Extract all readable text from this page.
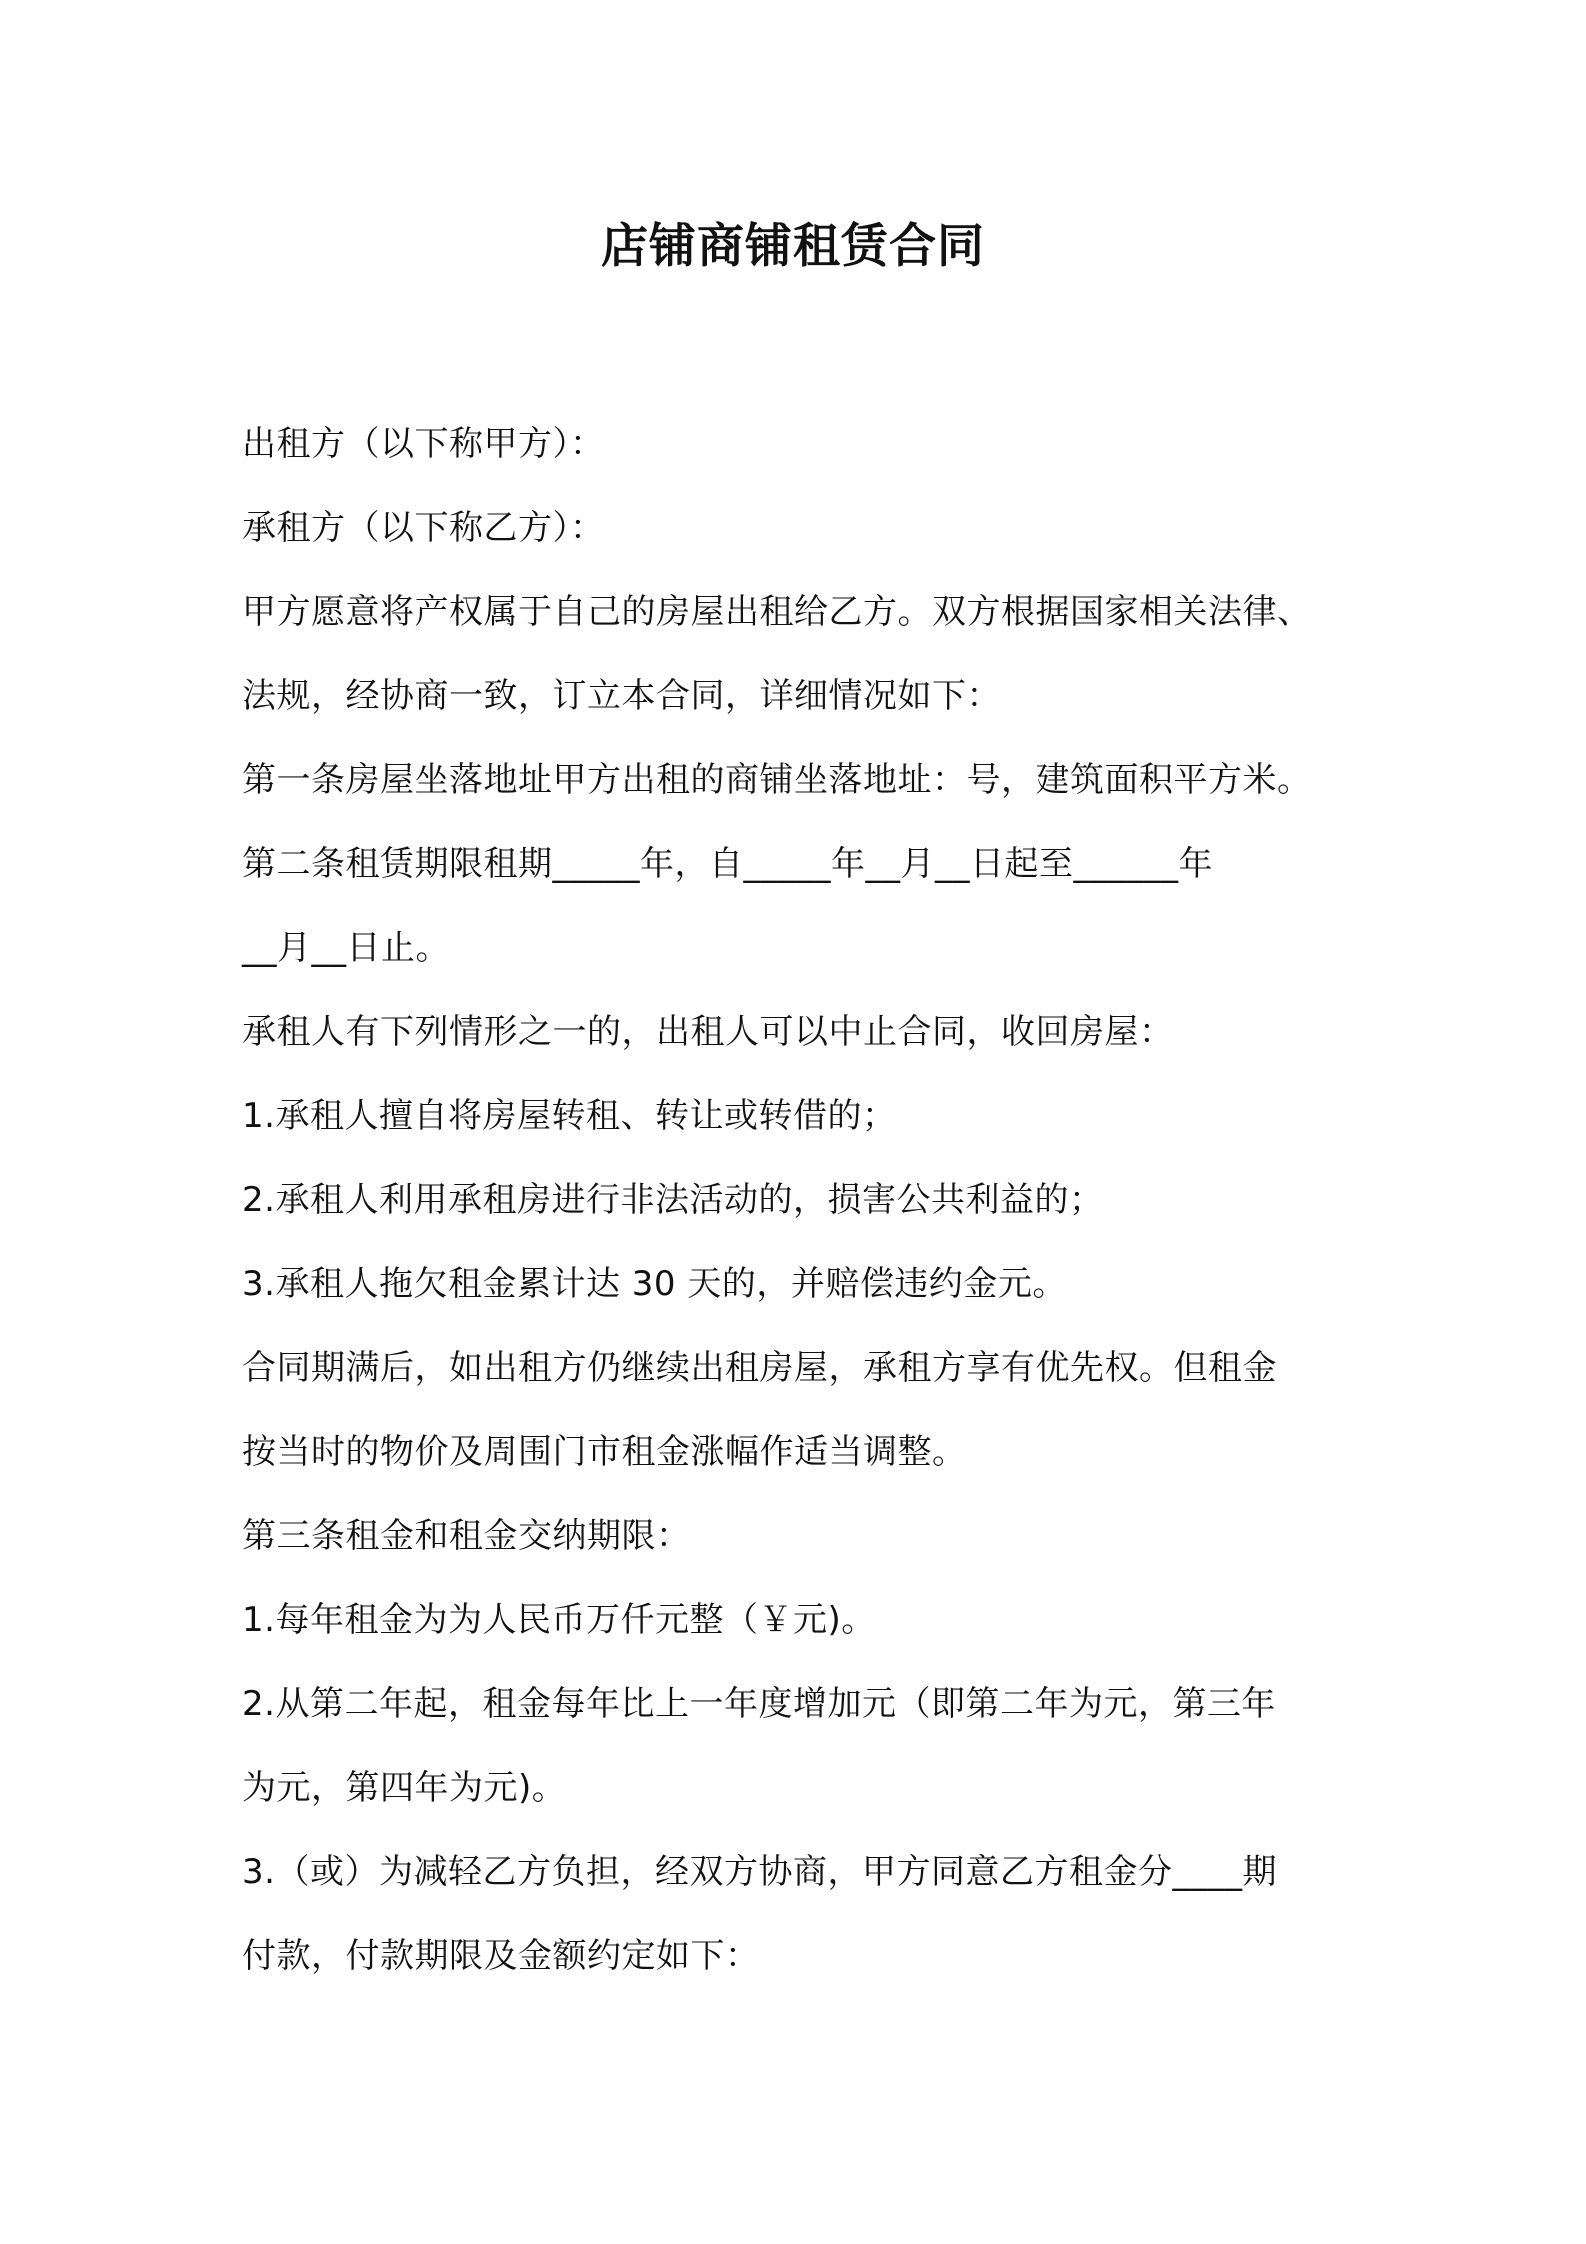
店铺商铺租赁合同
出租方（以下称甲方）：
承租方（以下称乙方）：
甲方愿意将产权属于自己的房屋出租给乙方。双方根据国家相关法律、
法规，经协商一致，订立本合同，详细情况如下：
第一条房屋坐落地址甲方出租的商铺坐落地址：号，建筑面积平方米。
第二条租赁期限租期_____年，自_____年__月__日起至______年
__月__日止。
承租人有下列情形之一的，出租人可以中止合同，收回房屋：
1.承租人擅自将房屋转租、转让或转借的；
2.承租人利用承租房进行非法活动的，损害公共利益的；
3.承租人拖欠租金累计达 30 天的，并赔偿违约金元。
合同期满后，如出租方仍继续出租房屋，承租方享有优先权。但租金
按当时的物价及周围门市租金涨幅作适当调整。
第三条租金和租金交纳期限：
1.每年租金为为人民币万仟元整（￥元)。
2.从第二年起，租金每年比上一年度增加元（即第二年为元，第三年
为元，第四年为元)。
3.（或）为减轻乙方负担，经双方协商，甲方同意乙方租金分____期
付款，付款期限及金额约定如下：
